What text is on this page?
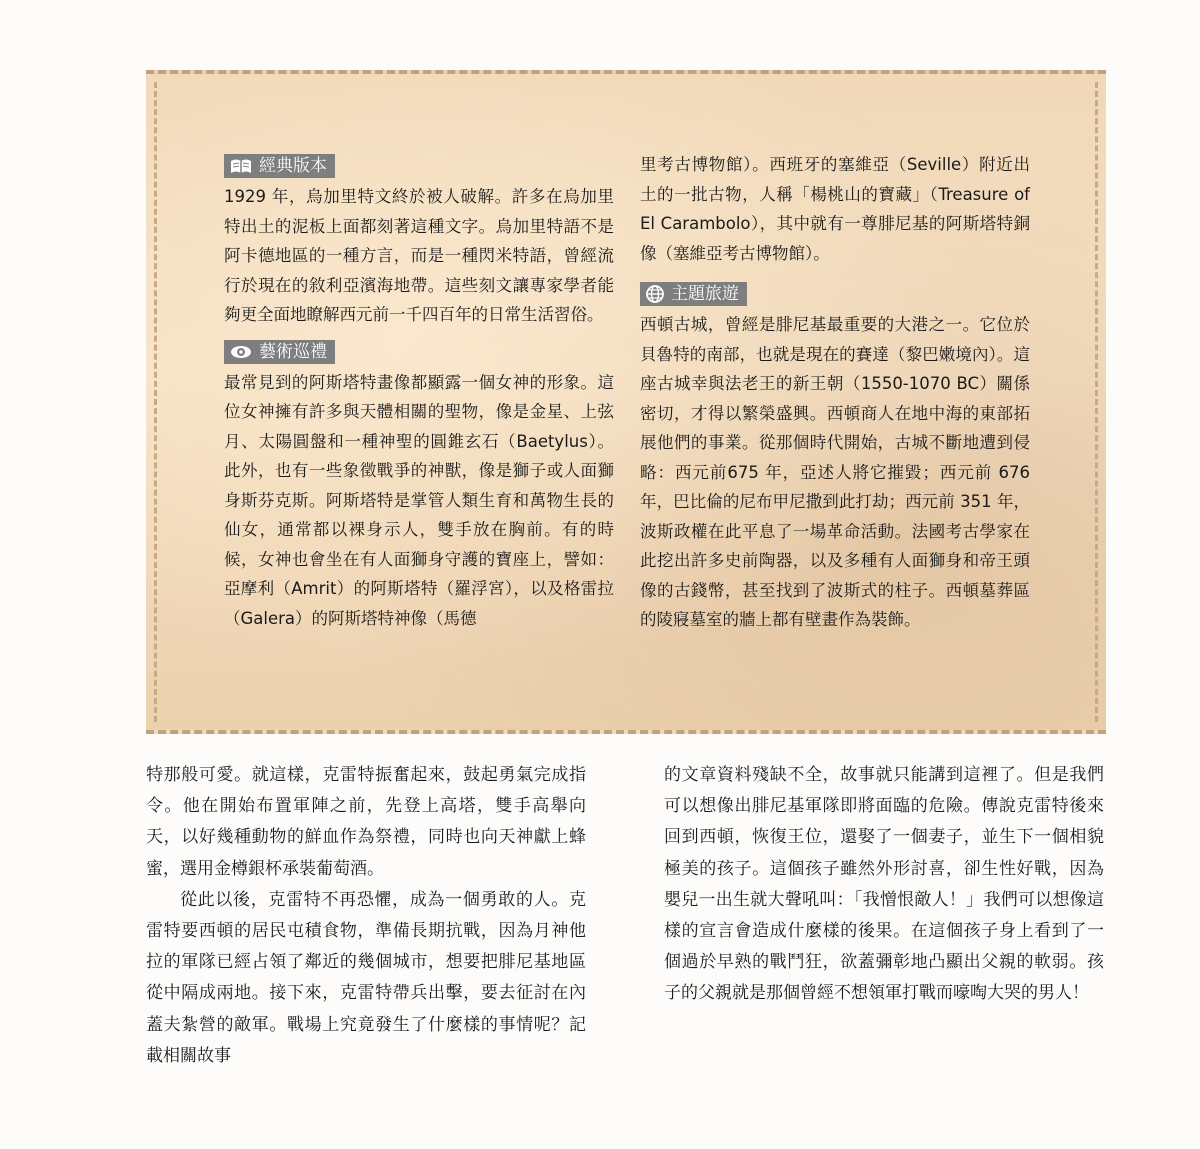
經典版本

1929 年，烏加里特文終於被人破解。許多在烏加里特出土的泥板上面都刻著這種文字。烏加里特語不是阿卡德地區的一種方言，而是一種閃米特語，曾經流行於現在的敘利亞濱海地帶。這些刻文讓專家學者能夠更全面地瞭解西元前一千四百年的日常生活習俗。

藝術巡禮

最常見到的阿斯塔特畫像都顯露一個女神的形象。這位女神擁有許多與天體相關的聖物，像是金星、上弦月、太陽圓盤和一種神聖的圓錐玄石（Baetylus）。此外，也有一些象徵戰爭的神獸，像是獅子或人面獅身斯芬克斯。阿斯塔特是掌管人類生育和萬物生長的仙女，通常都以裸身示人，雙手放在胸前。有的時候，女神也會坐在有人面獅身守護的寶座上，譬如：亞摩利（Amrit）的阿斯塔特（羅浮宮），以及格雷拉（Galera）的阿斯塔特神像（馬德

里考古博物館）。西班牙的塞維亞（Seville）附近出土的一批古物，人稱「楊桃山的寶藏」（Treasure of El Carambolo），其中就有一尊腓尼基的阿斯塔特銅像（塞維亞考古博物館）。

主題旅遊

西頓古城，曾經是腓尼基最重要的大港之一。它位於貝魯特的南部，也就是現在的賽達（黎巴嫩境內）。這座古城幸與法老王的新王朝（1550-1070 BC）關係密切，才得以繁榮盛興。西頓商人在地中海的東部拓展他們的事業。從那個時代開始，古城不斷地遭到侵略：西元前675 年，亞述人將它摧毀；西元前 676 年，巴比倫的尼布甲尼撒到此打劫；西元前 351 年，波斯政權在此平息了一場革命活動。法國考古學家在此挖出許多史前陶器，以及多種有人面獅身和帝王頭像的古錢幣，甚至找到了波斯式的柱子。西頓墓葬區的陵寢墓室的牆上都有壁畫作為裝飾。

特那般可愛。就這樣，克雷特振奮起來，鼓起勇氣完成指令。他在開始布置軍陣之前，先登上高塔，雙手高舉向天，以好幾種動物的鮮血作為祭禮，同時也向天神獻上蜂蜜，選用金樽銀杯承裝葡萄酒。

從此以後，克雷特不再恐懼，成為一個勇敢的人。克雷特要西頓的居民屯積食物，準備長期抗戰，因為月神他拉的軍隊已經占領了鄰近的幾個城市，想要把腓尼基地區從中隔成兩地。接下來，克雷特帶兵出擊，要去征討在內蓋夫紮營的敵軍。戰場上究竟發生了什麼樣的事情呢？記載相關故事

的文章資料殘缺不全，故事就只能講到這裡了。但是我們可以想像出腓尼基軍隊即將面臨的危險。傳說克雷特後來回到西頓，恢復王位，還娶了一個妻子，並生下一個相貌極美的孩子。這個孩子雖然外形討喜，卻生性好戰，因為嬰兒一出生就大聲吼叫：「我憎恨敵人！」我們可以想像這樣的宣言會造成什麼樣的後果。在這個孩子身上看到了一個過於早熟的戰鬥狂，欲蓋彌彰地凸顯出父親的軟弱。孩子的父親就是那個曾經不想領軍打戰而嚎啕大哭的男人！
